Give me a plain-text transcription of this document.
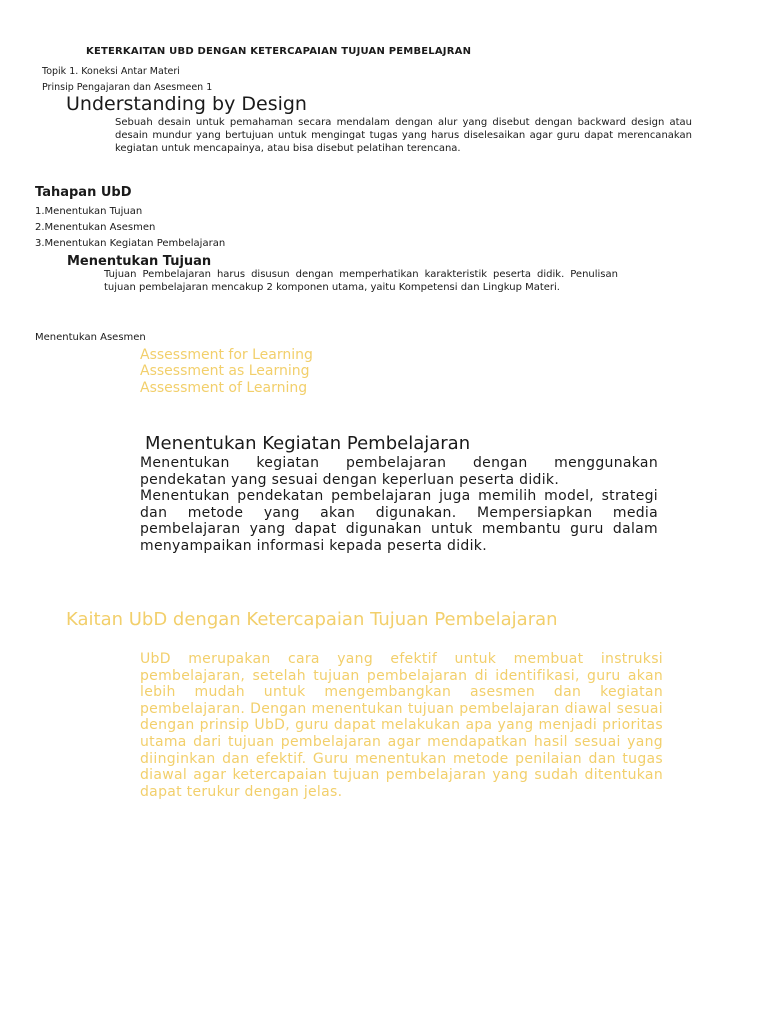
KETERKAITAN UBD DENGAN KETERCAPAIAN TUJUAN PEMBELAJRAN
Topik 1. Koneksi Antar Materi
Prinsip Pengajaran dan Asesmeen 1
Understanding by Design

Sebuah desain untuk pemahaman secara mendalam dengan alur yang disebut dengan backward design atau desain mundur yang bertujuan untuk mengingat tugas yang harus diselesaikan agar guru dapat merencanakan kegiatan untuk mencapainya, atau bisa disebut pelatihan terencana.

Tahapan UbD
1.Menentukan Tujuan
2.Menentukan Asesmen
3.Menentukan Kegiatan Pembelajaran
Menentukan Tujuan

Tujuan Pembelajaran harus disusun dengan memperhatikan karakteristik peserta didik. Penulisan tujuan pembelajaran mencakup 2 komponen utama, yaitu Kompetensi dan Lingkup Materi.

Menentukan Asesmen
Assessment for Learning
Assessment as Learning
Assessment of Learning
Menentukan Kegiatan Pembelajaran

Menentukan kegiatan pembelajaran dengan menggunakan pendekatan yang sesuai dengan keperluan peserta didik.

Menentukan pendekatan pembelajaran juga memilih model, strategi dan metode yang akan digunakan. Mempersiapkan media pembelajaran yang dapat digunakan untuk membantu guru dalam menyampaikan informasi kepada peserta didik.

Kaitan UbD dengan Ketercapaian Tujuan Pembelajaran

UbD merupakan cara yang efektif untuk membuat instruksi pembelajaran, setelah tujuan pembelajaran di identifikasi, guru akan lebih mudah untuk mengembangkan asesmen dan kegiatan pembelajaran. Dengan menentukan tujuan pembelajaran diawal sesuai dengan prinsip UbD, guru dapat melakukan apa yang menjadi prioritas utama dari tujuan pembelajaran agar mendapatkan hasil sesuai yang diinginkan dan efektif. Guru menentukan metode penilaian dan tugas diawal agar ketercapaian tujuan pembelajaran yang sudah ditentukan dapat terukur dengan jelas.
